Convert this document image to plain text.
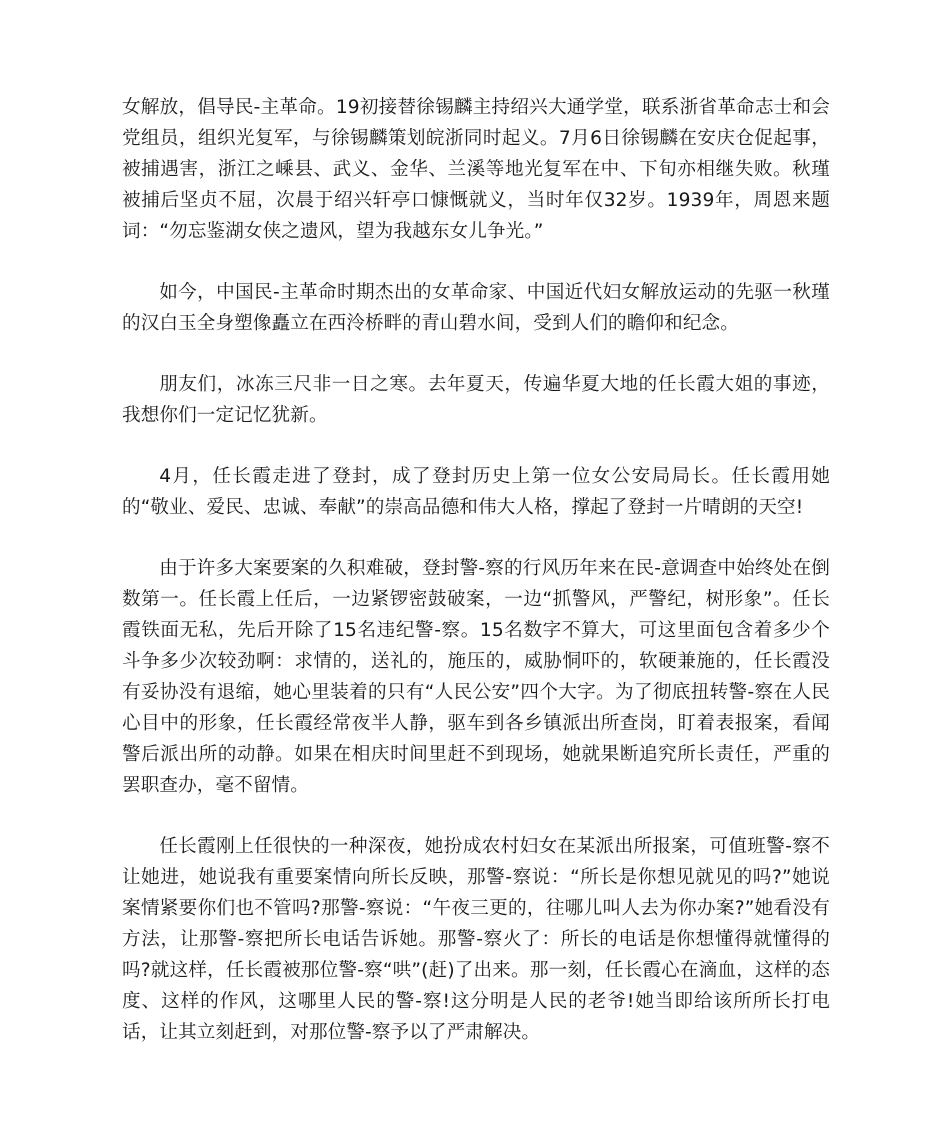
女解放，倡导民-主革命。19初接替徐锡麟主持绍兴大通学堂，联系浙省革命志士和会党组员，组织光复军，与徐锡麟策划皖浙同时起义。7月6日徐锡麟在安庆仓促起事，被捕遇害，浙江之嵊县、武义、金华、兰溪等地光复军在中、下旬亦相继失败。秋瑾被捕后坚贞不屈，次晨于绍兴轩亭口慷慨就义，当时年仅32岁。1939年，周恩来题词：“勿忘鉴湖女侠之遗风，望为我越东女儿争光。”

如今，中国民-主革命时期杰出的女革命家、中国近代妇女解放运动的先驱一秋瑾的汉白玉全身塑像矗立在西泠桥畔的青山碧水间，受到人们的瞻仰和纪念。

朋友们，冰冻三尺非一日之寒。去年夏天，传遍华夏大地的任长霞大姐的事迹，我想你们一定记忆犹新。

4月，任长霞走进了登封，成了登封历史上第一位女公安局局长。任长霞用她的“敬业、爱民、忠诚、奉献”的崇高品德和伟大人格，撑起了登封一片晴朗的天空!

由于许多大案要案的久积难破，登封警-察的行风历年来在民-意调查中始终处在倒数第一。任长霞上任后，一边紧锣密鼓破案，一边“抓警风，严警纪，树形象”。任长霞铁面无私，先后开除了15名违纪警-察。15名数字不算大，可这里面包含着多少个斗争多少次较劲啊：求情的，送礼的，施压的，威胁恫吓的，软硬兼施的，任长霞没有妥协没有退缩，她心里装着的只有“人民公安”四个大字。为了彻底扭转警-察在人民心目中的形象，任长霞经常夜半人静，驱车到各乡镇派出所查岗，盯着表报案，看闻警后派出所的动静。如果在相庆时间里赶不到现场，她就果断追究所长责任，严重的罢职查办，毫不留情。

任长霞刚上任很快的一种深夜，她扮成农村妇女在某派出所报案，可值班警-察不让她进，她说我有重要案情向所长反映，那警-察说：“所长是你想见就见的吗?”她说案情紧要你们也不管吗?那警-察说：“午夜三更的，往哪儿叫人去为你办案?”她看没有方法，让那警-察把所长电话告诉她。那警-察火了：所长的电话是你想懂得就懂得的吗?就这样，任长霞被那位警-察“哄”(赶)了出来。那一刻，任长霞心在滴血，这样的态度、这样的作风，这哪里人民的警-察!这分明是人民的老爷!她当即给该所所长打电话，让其立刻赶到，对那位警-察予以了严肃解决。
